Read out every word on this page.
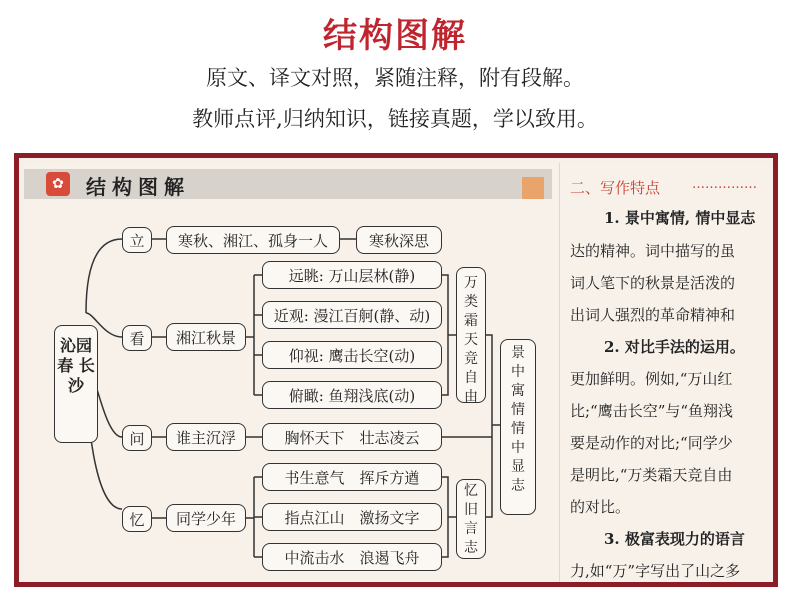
结构图解
原文、译文对照，紧随注释，附有段解。
教师点评,归纳知识，链接真题，学以致用。
✿	结构图解
沁园春 长沙
立
看
问
忆
寒秋、湘江、孤身一人	寒秋深思
湘江秋景
远眺: 万山层林(静)
近观: 漫江百舸(静、动)
仰视: 鹰击长空(动)
俯瞰: 鱼翔浅底(动)
万类霜天竞自由
谁主沉浮	胸怀天下　壮志凌云
同学少年
书生意气　挥斥方遒
指点江山　激扬文字
中流击水　浪遏飞舟
忆旧言志
景中寓情 情中显志
二、写作特点 ……………
1. 景中寓情, 情中显志
达的精神。词中描写的虽
词人笔下的秋景是活泼的
出词人强烈的革命精神和
2. 对比手法的运用。
更加鲜明。例如,“万山红
比;“鹰击长空”与“鱼翔浅
要是动作的对比;“同学少
是明比,“万类霜天竞自由
的对比。
3. 极富表现力的语言
力,如“万”字写出了山之多
